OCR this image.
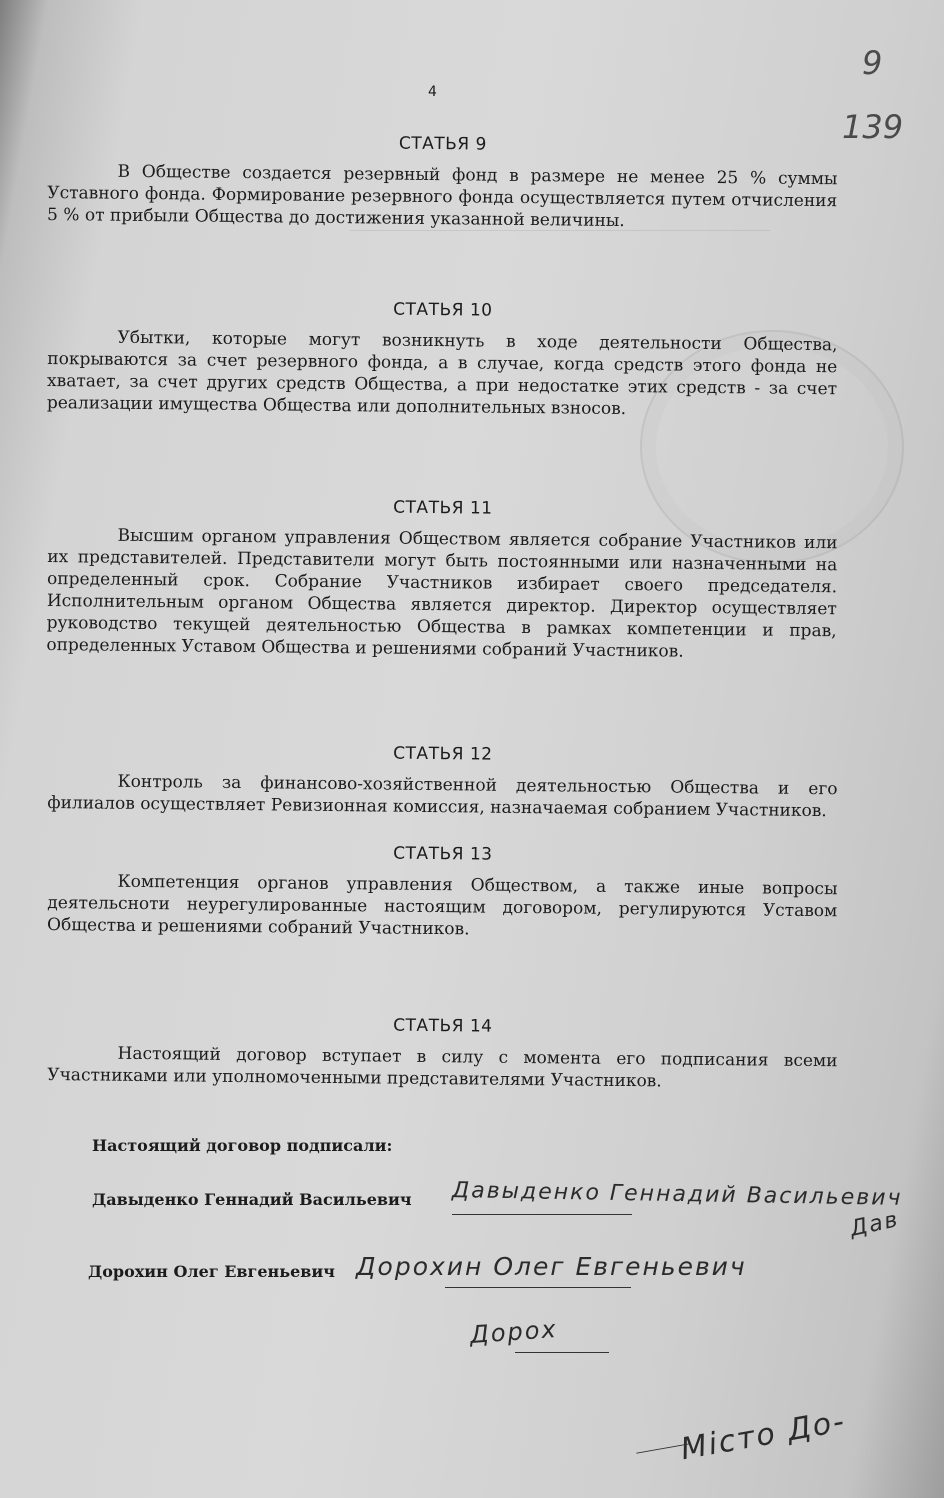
4
9
139
СТАТЬЯ 9

В Обществе создается резервный фонд в размере не менее 25 % суммы Уставного фонда. Формирование резервного фонда осуществляется путем отчисления 5 % от прибыли Общества до достижения указанной величины.

СТАТЬЯ 10

Убытки, которые могут возникнуть в ходе деятельности Общества, покрываются за счет резервного фонда, а в случае, когда средств этого фонда не хватает, за счет других средств Общества, а при недостатке этих средств - за счет реализации имущества Общества или дополнительных взносов.

СТАТЬЯ 11

Высшим органом управления Обществом является собрание Участников или их представителей. Представители могут быть постоянными или назначенными на определенный срок. Собрание Участников избирает своего председателя. Исполнительным органом Общества является директор. Директор осуществляет руководство текущей деятельностью Общества в рамках компетенции и прав, определенных Уставом Общества и решениями собраний Участников.

СТАТЬЯ 12

Контроль за финансово-хозяйственной деятельностью Общества и его филиалов осуществляет Ревизионная комиссия, назначаемая собранием Участников.

СТАТЬЯ 13

Компетенция органов управления Обществом, а также иные вопросы деятельсноти неурегулированные настоящим договором, регулируются Уставом Общества и решениями собраний Участников.

СТАТЬЯ 14

Настоящий договор вступает в силу с момента его подписания всеми Участниками или уполномоченными представителями Участников.

Настоящий договор подписали:
Давыденко Геннадий Васильевич Давыденко Геннадий Васильевич
Дав
Дорохин Олег Евгеньевич Дорохин Олег Евгеньевич
Дорох
Місто До-
